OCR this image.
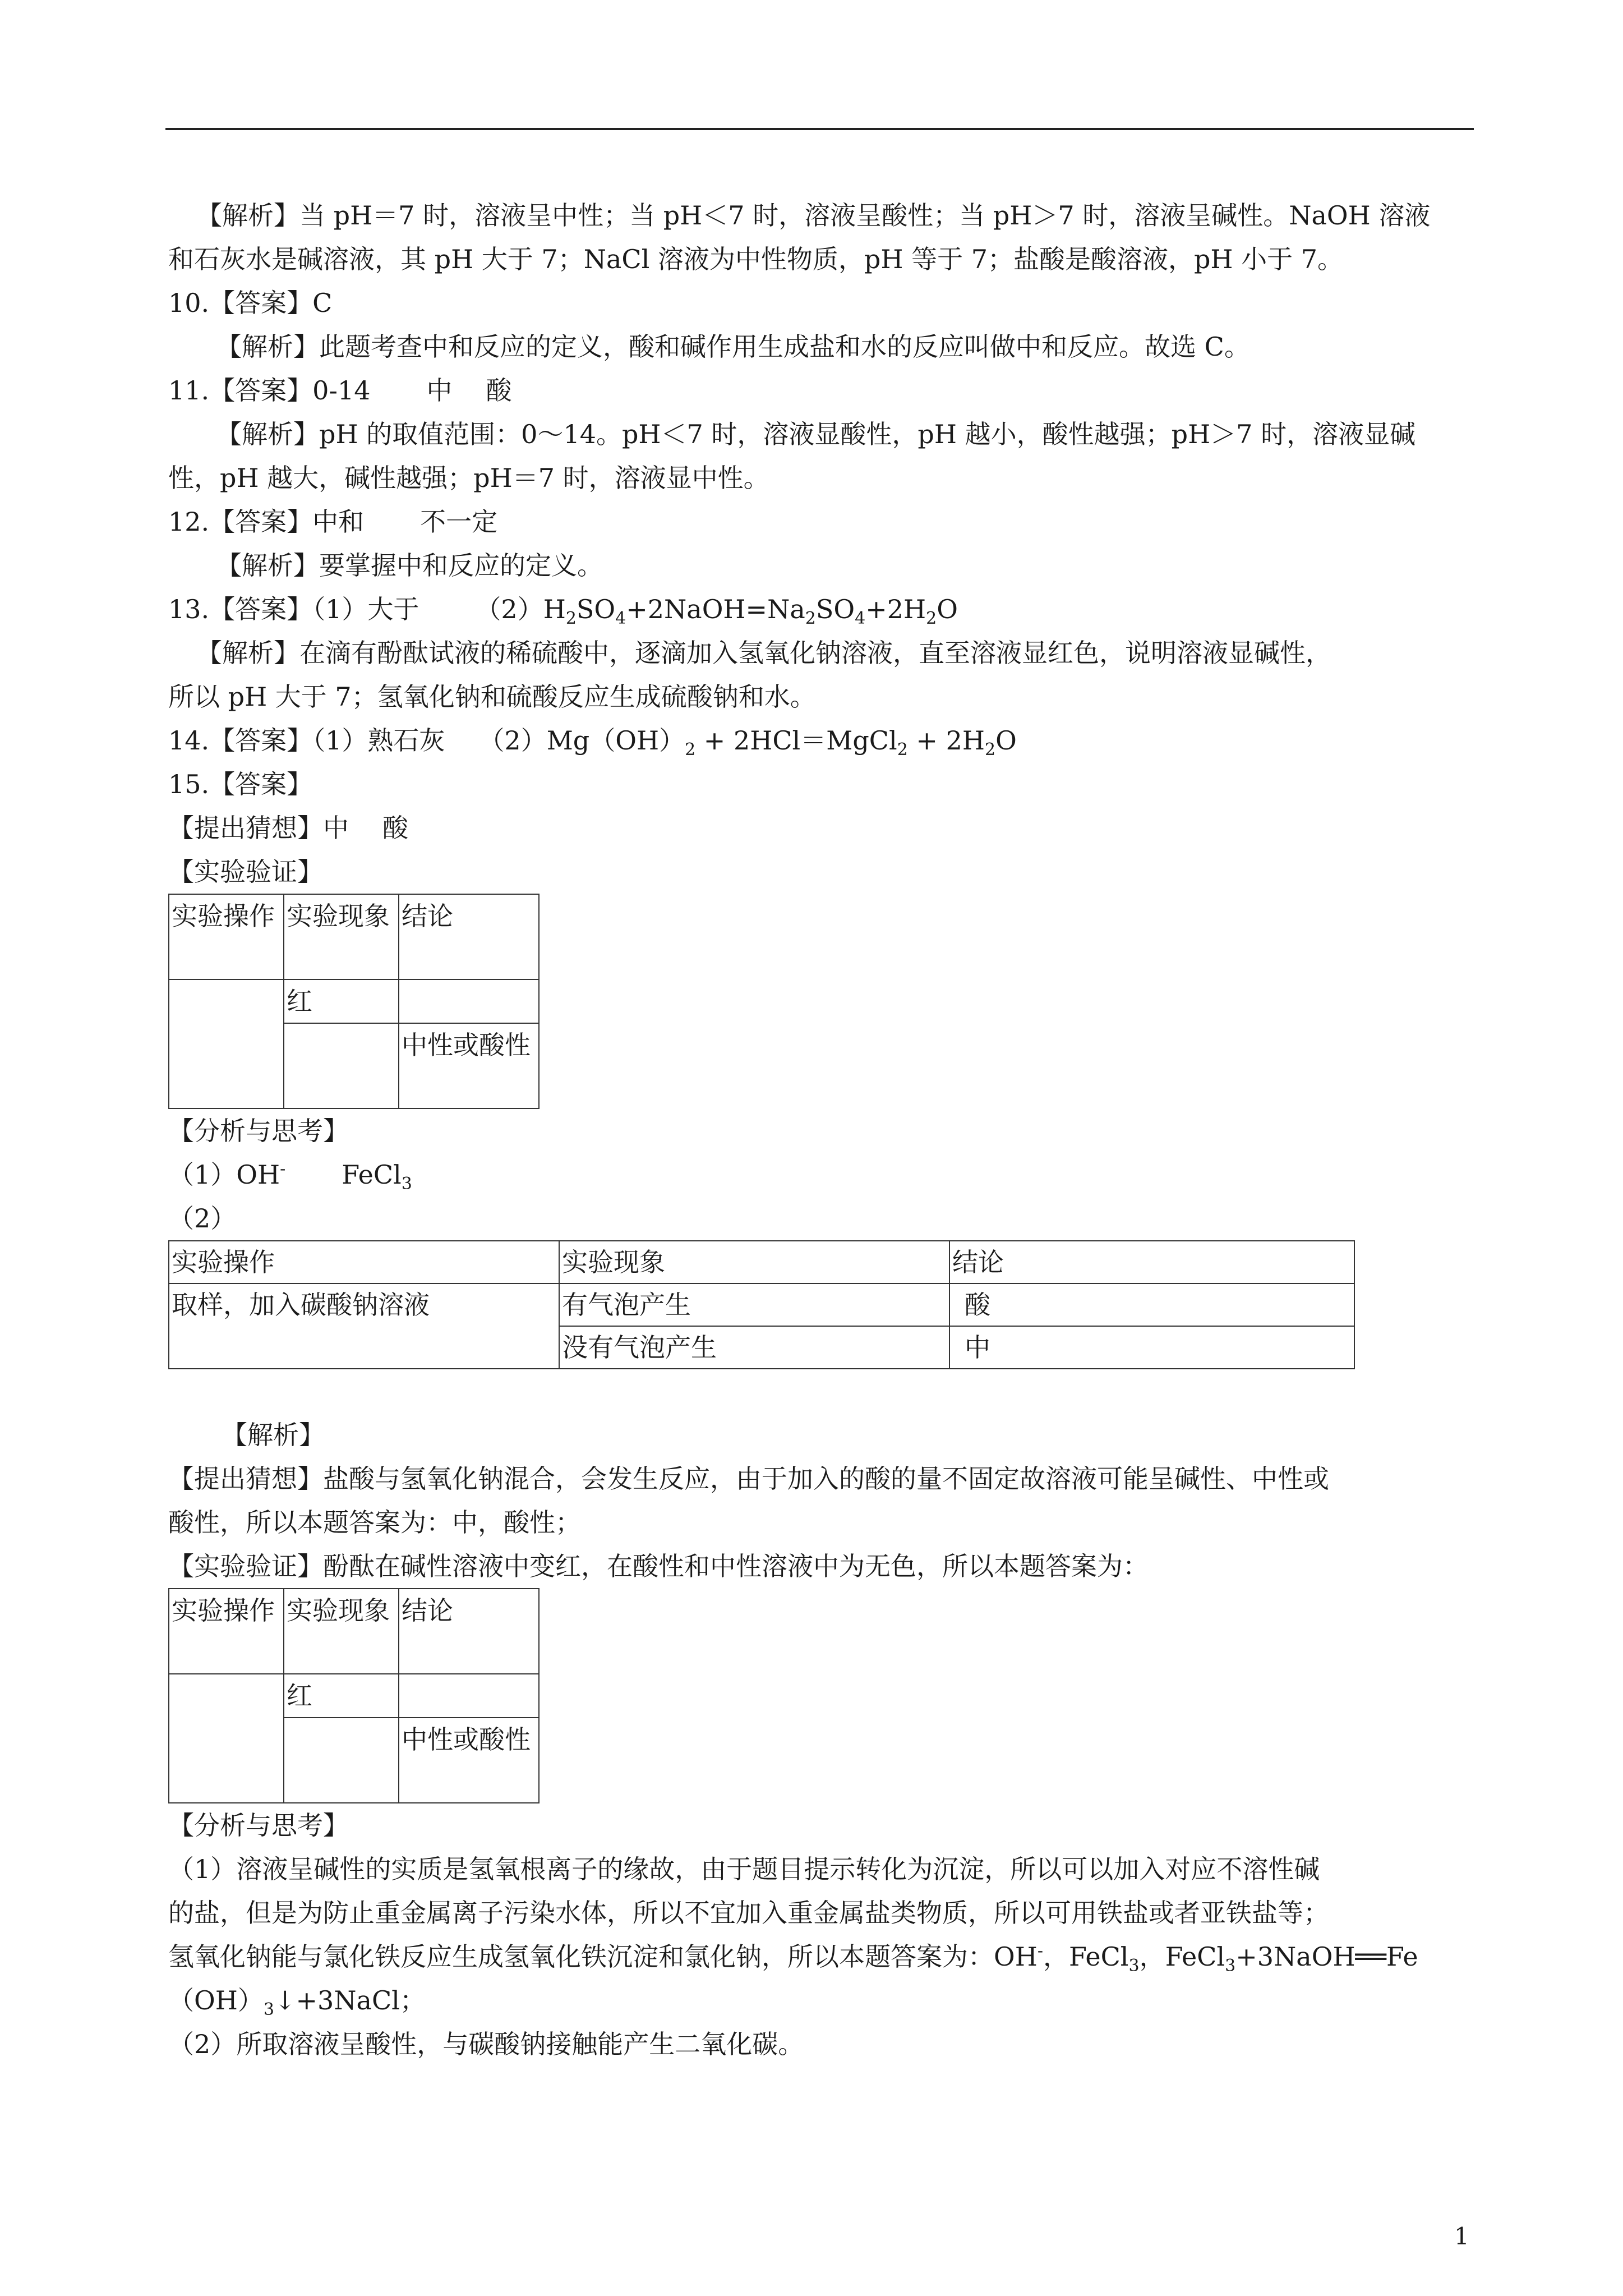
【解析】当 pH＝7 时，溶液呈中性；当 pH＜7 时，溶液呈酸性；当 pH＞7 时，溶液呈碱性。NaOH 溶液

和石灰水是碱溶液，其 pH 大于 7；NaCl 溶液为中性物质，pH 等于 7；盐酸是酸溶液，pH 小于 7。

10.【答案】C

【解析】此题考查中和反应的定义，酸和碱作用生成盐和水的反应叫做中和反应。故选 C。

11.【答案】0-14 中 酸

【解析】pH 的取值范围：0～14。pH＜7 时，溶液显酸性，pH 越小，酸性越强；pH＞7 时，溶液显碱

性，pH 越大，碱性越强；pH＝7 时，溶液显中性。

12.【答案】中和 不一定

【解析】要掌握中和反应的定义。

13.【答案】（1）大于 $(2)H_2SO_4+2NaOH=Na_2SO_4+2H_2O$

【解析】在滴有酚酞试液的稀硫酸中，逐滴加入氢氧化钠溶液，直至溶液显红色，说明溶液显碱性，

所以 pH 大于 7；氢氧化钠和硫酸反应生成硫酸钠和水。

14.【答案】（1）熟石灰 $(2)Mg(OH)_2$ + 2HCl＝MgCl$_2$ + $2H_2O$

15.【答案】

【提出猜想】中 酸

【实验验证】

实验操作	实验现象	结论
	红	
		中性或酸性

【分析与思考】

（1）OH- FeCl$_3$

（2）

实验操作	实验现象	结论
取样，加入碳酸钠溶液	有气泡产生	酸
	没有气泡产生	中

【解析】

【提出猜想】盐酸与氢氧化钠混合，会发生反应，由于加入的酸的量不固定故溶液可能呈碱性、中性或

酸性，所以本题答案为：中，酸性；

【实验验证】酚酞在碱性溶液中变红，在酸性和中性溶液中为无色，所以本题答案为：

实验操作	实验现象	结论
	红	
		中性或酸性

【分析与思考】

（1）溶液呈碱性的实质是氢氧根离子的缘故，由于题目提示转化为沉淀，所以可以加入对应不溶性碱

的盐，但是为防止重金属离子污染水体，所以不宜加入重金属盐类物质，所以可用铁盐或者亚铁盐等；

氢氧化钠能与氯化铁反应生成氢氧化铁沉淀和氯化钠，所以本题答案为：OH-，FeCl$_3$，FeCl$_3$+3NaOH══Fe

$(OH)_3↓+3NaCl$；

（2）所取溶液呈酸性，与碳酸钠接触能产生二氧化碳。

1
